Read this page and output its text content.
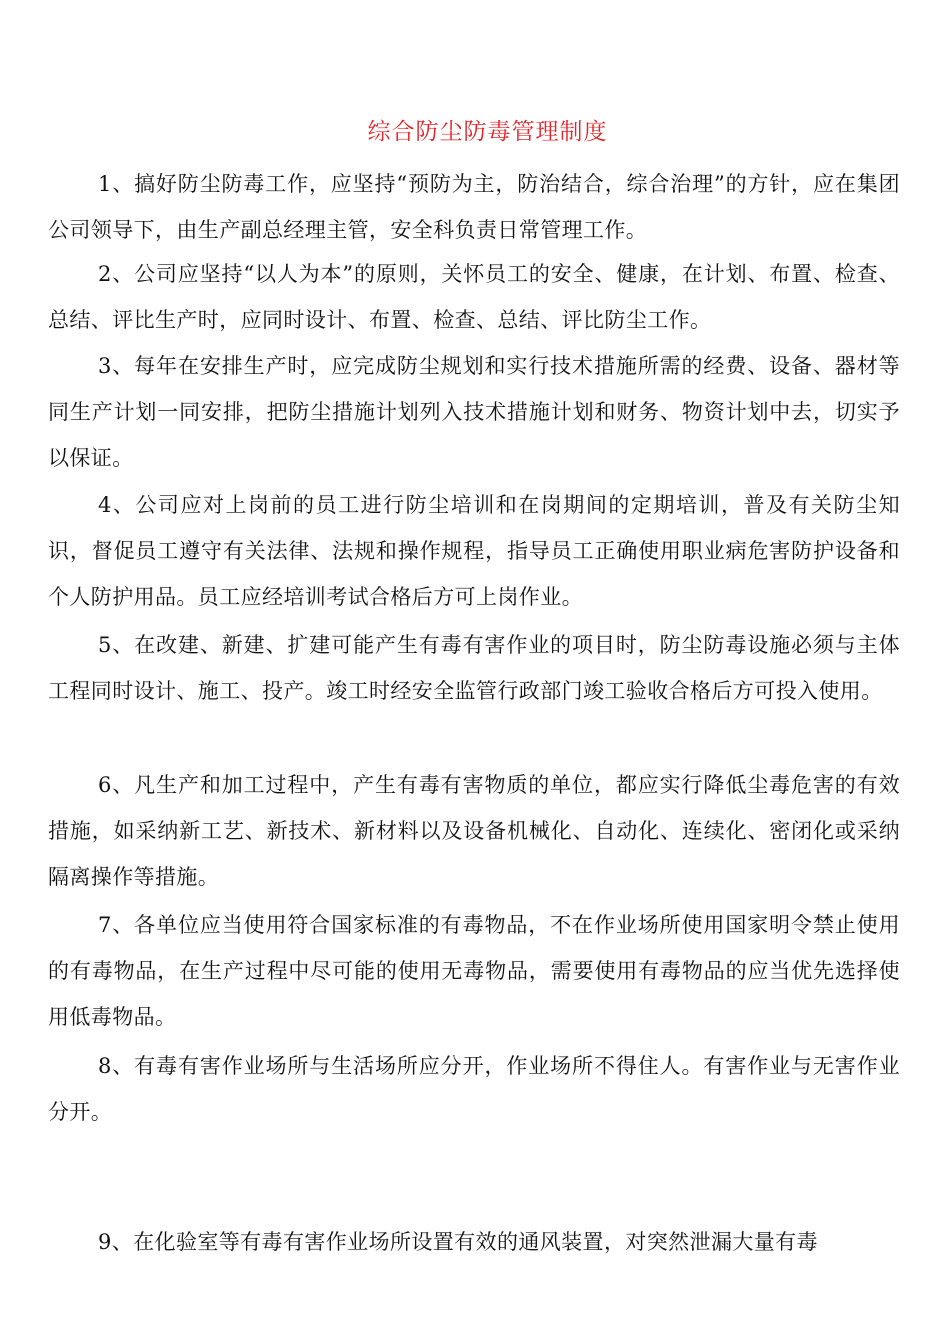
综合防尘防毒管理制度

1、搞好防尘防毒工作，应坚持“预防为主，防治结合，综合治理”的方针，应在集团公司领导下，由生产副总经理主管，安全科负责日常管理工作。

2、公司应坚持“以人为本”的原则，关怀员工的安全、健康，在计划、布置、检查、总结、评比生产时，应同时设计、布置、检查、总结、评比防尘工作。

3、每年在安排生产时，应完成防尘规划和实行技术措施所需的经费、设备、器材等同生产计划一同安排，把防尘措施计划列入技术措施计划和财务、物资计划中去，切实予以保证。

4、公司应对上岗前的员工进行防尘培训和在岗期间的定期培训，普及有关防尘知识，督促员工遵守有关法律、法规和操作规程，指导员工正确使用职业病危害防护设备和个人防护用品。员工应经培训考试合格后方可上岗作业。

5、在改建、新建、扩建可能产生有毒有害作业的项目时，防尘防毒设施必须与主体工程同时设计、施工、投产。竣工时经安全监管行政部门竣工验收合格后方可投入使用。

6、凡生产和加工过程中，产生有毒有害物质的单位，都应实行降低尘毒危害的有效措施，如采纳新工艺、新技术、新材料以及设备机械化、自动化、连续化、密闭化或采纳隔离操作等措施。

7、各单位应当使用符合国家标准的有毒物品，不在作业场所使用国家明令禁止使用的有毒物品，在生产过程中尽可能的使用无毒物品，需要使用有毒物品的应当优先选择使用低毒物品。

8、有毒有害作业场所与生活场所应分开，作业场所不得住人。有害作业与无害作业分开。

9、在化验室等有毒有害作业场所设置有效的通风装置，对突然泄漏大量有毒
